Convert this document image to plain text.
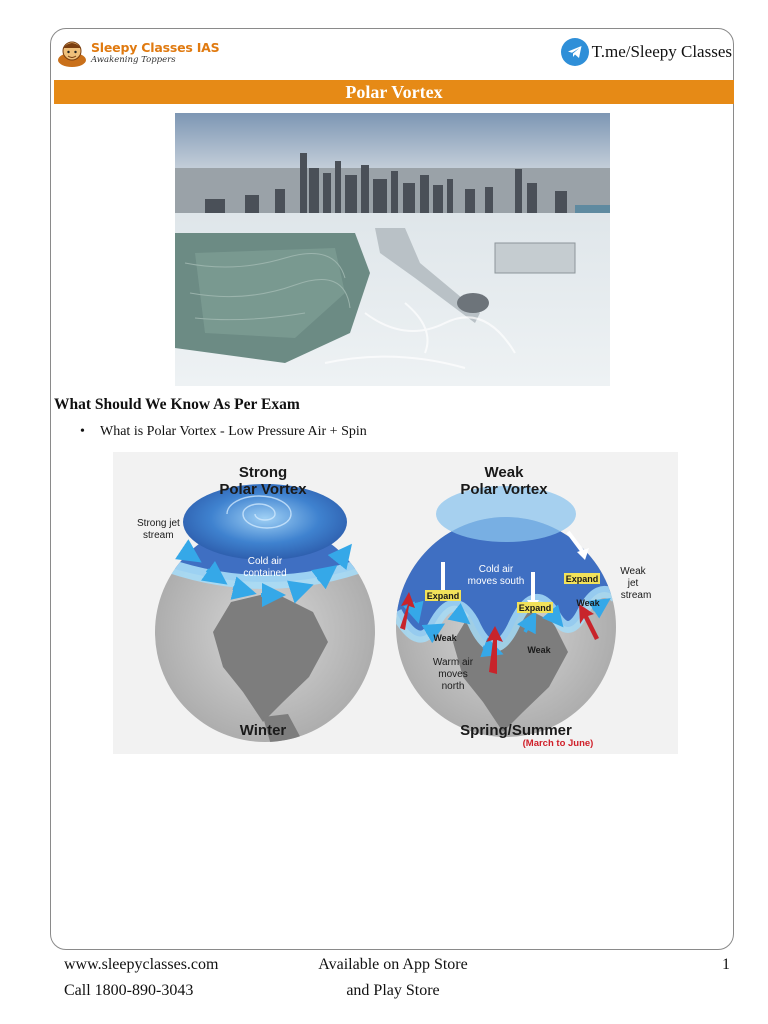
Sleepy Classes IAS
Awakening Toppers	T.me/Sleepy Classes
Polar Vortex
What Should We Know As Per Exam
•	What is Polar Vortex - Low Pressure Air + Spin
Cold air
contained
Strong
Polar Vortex
Strong jet
stream
Winter
Expand
Expand
Expand
Weak
Weak
Weak
Cold air
moves south
Warm air
moves
north
Weak
Polar Vortex
Weak
jet
stream
Spring/Summer
(March to June)
www.sleepyclasses.com
Call 1800-890-3043
Available on App Store
and Play Store
1
